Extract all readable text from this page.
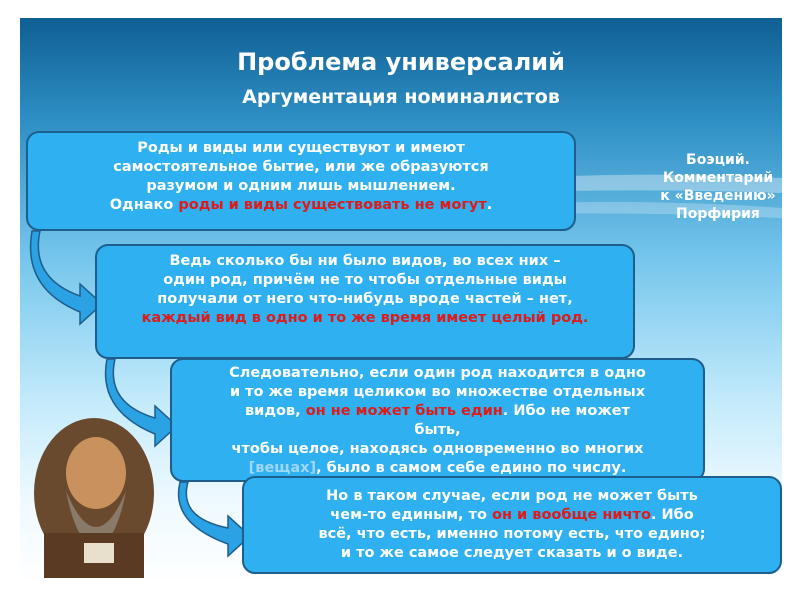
Проблема универсалий
Аргументация номиналистов
Боэций.
Комментарий
к «Введению»
Порфирия
Роды и виды или существуют и имеют
самостоятельное бытие, или же образуются
разумом и одним лишь мышлением.
Однако роды и виды существовать не могут.
Ведь сколько бы ни было видов, во всех них –
один род, причём не то чтобы отдельные виды
получали от него что-нибудь вроде частей – нет,
каждый вид в одно и то же время имеет целый род.
Следовательно, если один род находится в одно
и то же время целиком во множестве отдельных
видов, он не может быть един. Ибо не может
быть,
чтобы целое, находясь одновременно во многих
[вещах], было в самом себе едино по числу.
Но в таком случае, если род не может быть
чем-то единым, то он и вообще ничто. Ибо
всё, что есть, именно потому есть, что едино;
и то же самое следует сказать и о виде.
